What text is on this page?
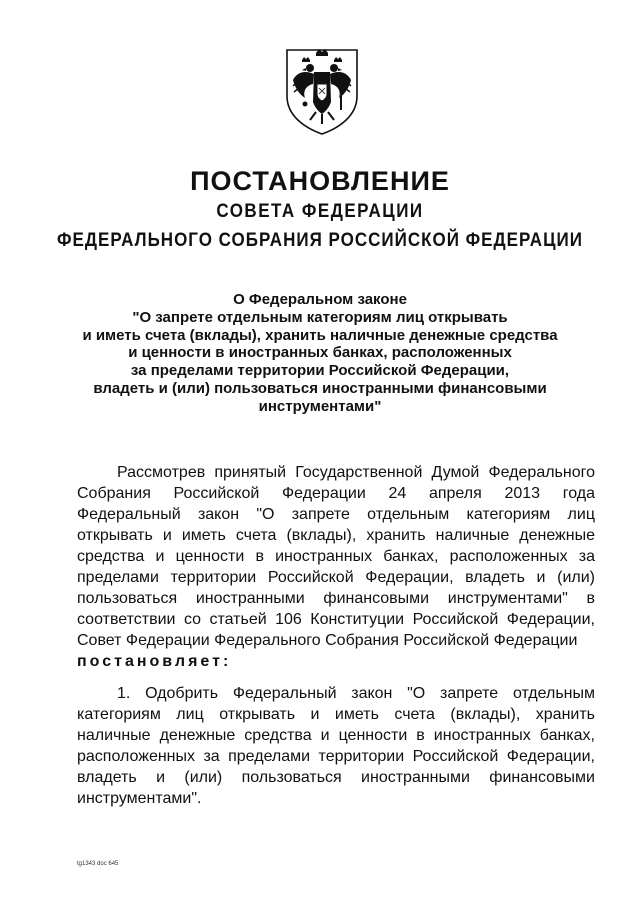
ПОСТАНОВЛЕНИЕ
СОВЕТА ФЕДЕРАЦИИ
ФЕДЕРАЛЬНОГО СОБРАНИЯ РОССИЙСКОЙ ФЕДЕРАЦИИ
О Федеральном законе
"О запрете отдельным категориям лиц открывать
и иметь счета (вклады), хранить наличные денежные средства
и ценности в иностранных банках, расположенных
за пределами территории Российской Федерации,
владеть и (или) пользоваться иностранными финансовыми
инструментами"
Рассмотрев принятый Государственной Думой Федерального
Собрания Российской Федерации 24 апреля 2013 года
Федеральный закон "О запрете отдельным категориям лиц
открывать и иметь счета (вклады), хранить наличные денежные
средства и ценности в иностранных банках, расположенных за
пределами территории Российской Федерации, владеть и (или)
пользоваться иностранными финансовыми инструментами" в
соответствии со статьей 106 Конституции Российской Федерации,
Совет Федерации Федерального Собрания Российской Федерации
постановляет:
1. Одобрить Федеральный закон "О запрете отдельным
категориям лиц открывать и иметь счета (вклады), хранить
наличные денежные средства и ценности в иностранных банках,
расположенных за пределами территории Российской Федерации,
владеть и (или) пользоваться иностранными финансовыми
инструментами".
tg1343 doc 645
